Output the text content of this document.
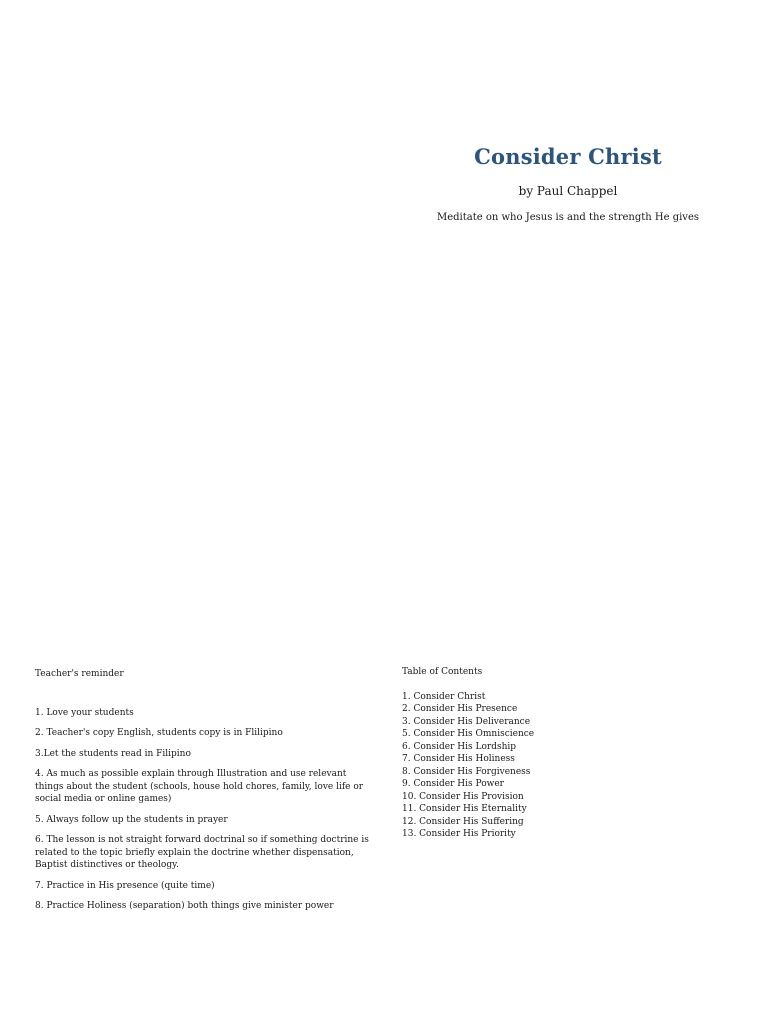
Consider Christ
by Paul Chappel
Meditate on who Jesus is and the strength He gives
Teacher's reminder
1. Love your students
2. Teacher's copy English, students copy is in Flilipino
3.Let the students read in Filipino
4. As much as possible explain through Illustration and use relevant things about the student (schools, house hold chores, family, love life or social media or online games)
5. Always follow up the students in prayer
6. The lesson is not straight forward doctrinal so if something doctrine is related to the topic briefly explain the doctrine whether dispensation, Baptist distinctives or theology.
7. Practice in His presence (quite time)
8. Practice Holiness (separation) both things give minister power
Table of Contents
1. Consider Christ
2. Consider His Presence
3. Consider His Deliverance
5. Consider His Omniscience
6. Consider His Lordship
7. Consider His Holiness
8. Consider His Forgiveness
9. Consider His Power
10. Consider His Provision
11. Consider His Eternality
12. Consider His Suffering
13. Consider His Priority
